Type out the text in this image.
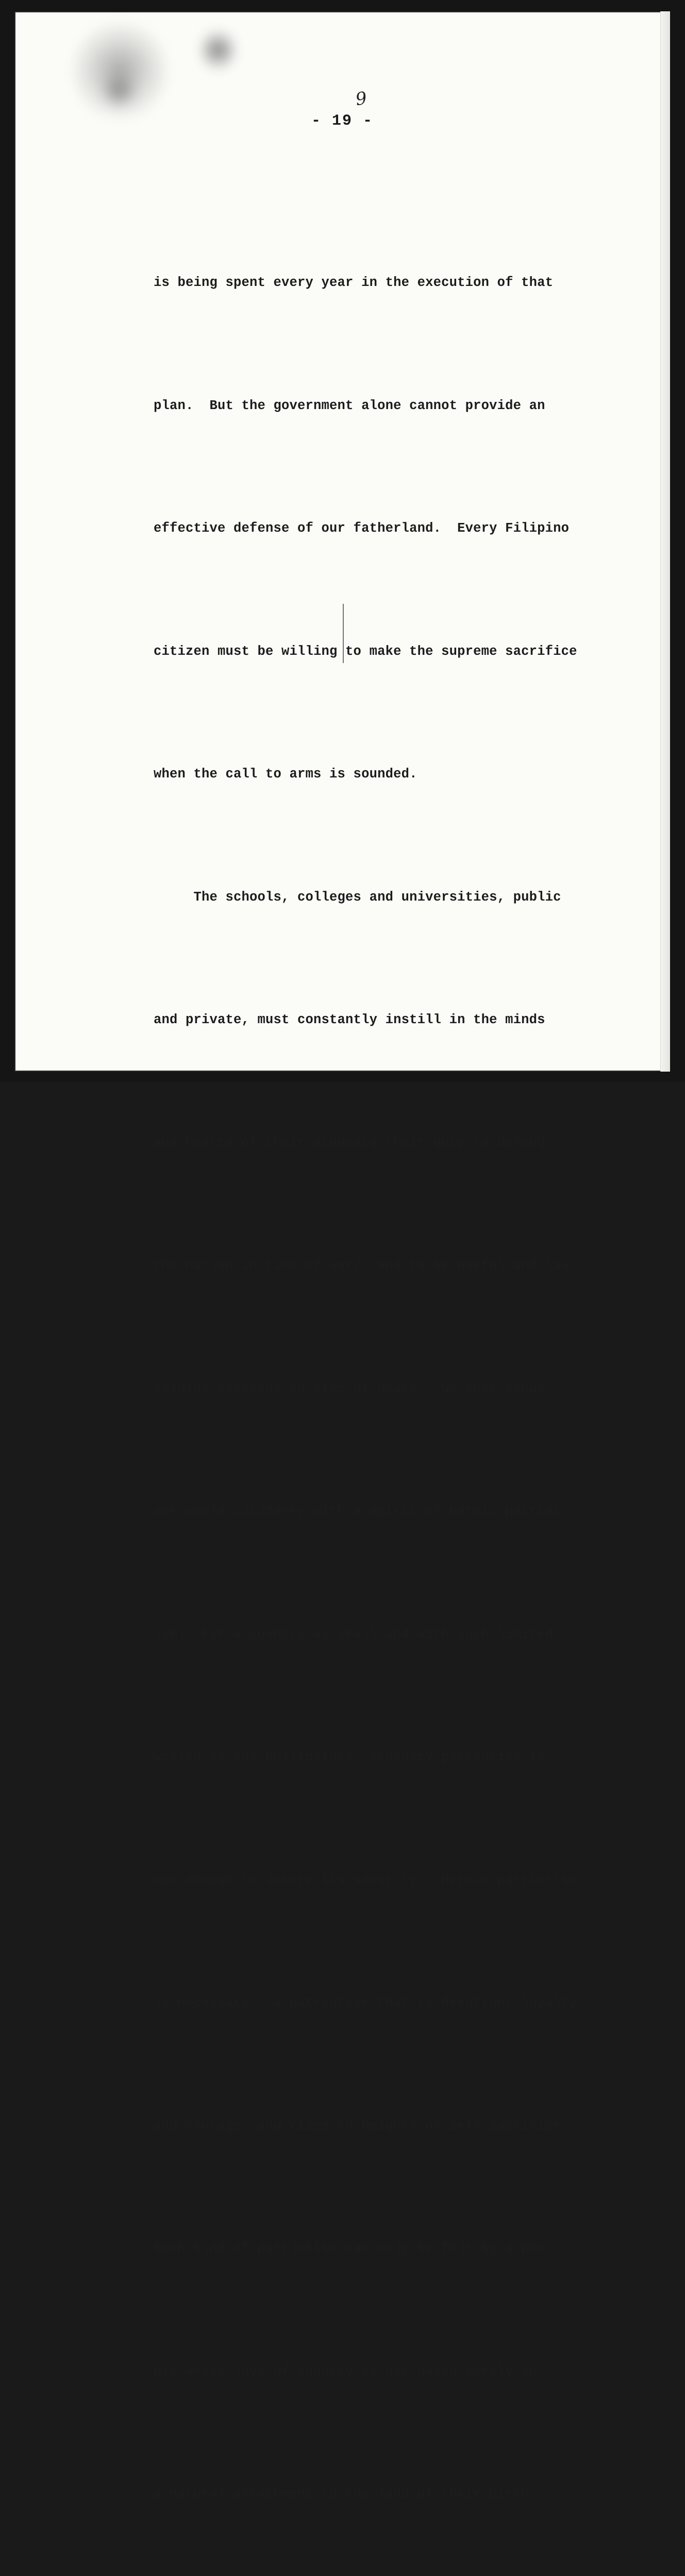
9
- 19 -

is being spent every year in the execution of that

plan.  But the government alone cannot provide an

effective defense of our fatherland.  Every Filipino

citizen must be willing to make the supreme sacrifice

when the call to arms is sounded.

The schools, colleges and universities, public

and private, must constantly instill in the minds

and hearts of their students their duty to defend

the nation in time of war/, and to be useful and law-

abiding citizens in time of peace.  We must imbue

our whole citizenry with a spirit of heroic patriot-

ism.  For a country as small and with such limited

wealth as the Philippines, ordinary patriotism is

not enough to insure its security.  Heroic patriotism

is necessary - a patriotism that is devotion, loyalty

and courage, and rises to heights of self-sacrifice.

Such kind of patriotism can only be felt by a peo-

ple whose love of country is not based merely on

a natural attachment to the land of their birth,
